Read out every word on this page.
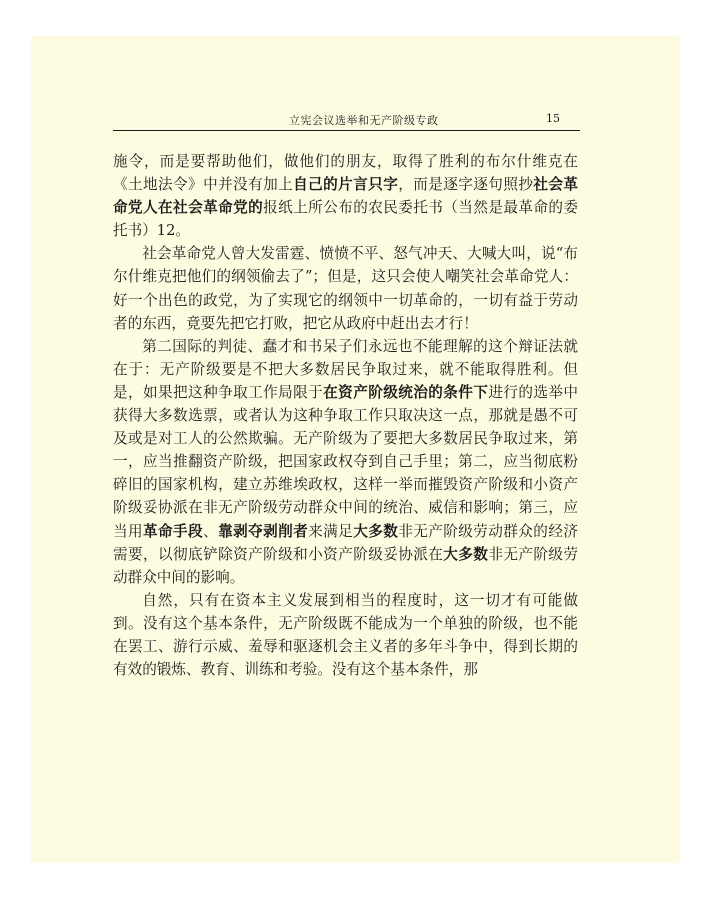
立宪会议选举和无产阶级专政	15

施令，而是要帮助他们，做他们的朋友，取得了胜利的布尔什维克在《土地法令》中并没有加上自己的片言只字，而是逐字逐句照抄社会革命党人在社会革命党的报纸上所公布的农民委托书（当然是最革命的委托书）12。

社会革命党人曾大发雷霆、愤愤不平、怒气冲天、大喊大叫，说“布尔什维克把他们的纲领偷去了”；但是，这只会使人嘲笑社会革命党人：好一个出色的政党，为了实现它的纲领中一切革命的，一切有益于劳动者的东西，竟要先把它打败，把它从政府中赶出去才行！

第二国际的判徒、蠢才和书呆子们永远也不能理解的这个辩证法就在于：无产阶级要是不把大多数居民争取过来，就不能取得胜利。但是，如果把这种争取工作局限于在资产阶级统治的条件下进行的选举中获得大多数选票，或者认为这种争取工作只取决这一点，那就是愚不可及或是对工人的公然欺骗。无产阶级为了要把大多数居民争取过来，第一，应当推翻资产阶级，把国家政权夺到自己手里；第二，应当彻底粉碎旧的国家机构，建立苏维埃政权，这样一举而摧毁资产阶级和小资产阶级妥协派在非无产阶级劳动群众中间的统治、威信和影响；第三，应当用革命手段、靠剥夺剥削者来满足大多数非无产阶级劳动群众的经济需要，以彻底铲除资产阶级和小资产阶级妥协派在大多数非无产阶级劳动群众中间的影响。

自然，只有在资本主义发展到相当的程度时，这一切才有可能做到。没有这个基本条件，无产阶级既不能成为一个单独的阶级，也不能在罢工、游行示威、羞辱和驱逐机会主义者的多年斗争中，得到长期的有效的锻炼、教育、训练和考验。没有这个基本条件，那
